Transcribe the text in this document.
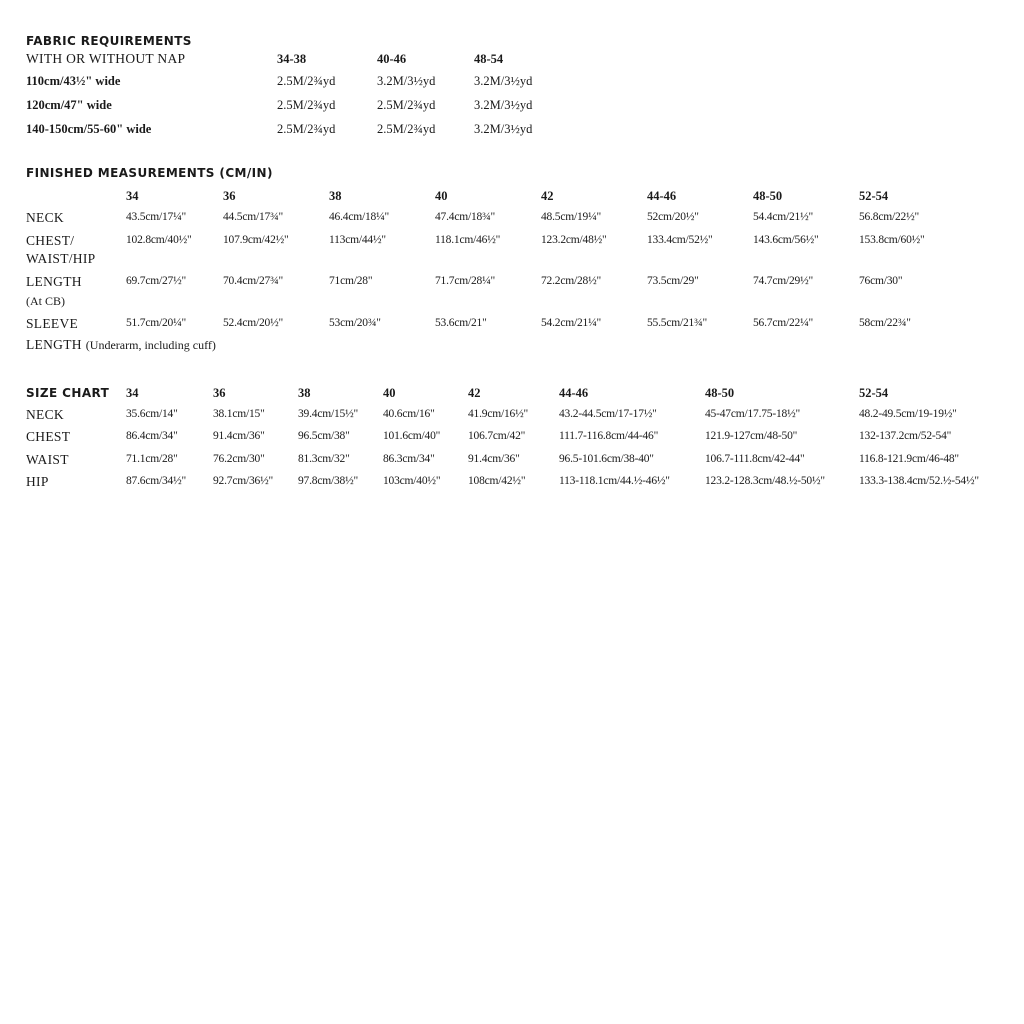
FABRIC REQUIREMENTS
WITH OR WITHOUT NAP	34-38	40-46	48-54
110cm/43½" wide	2.5M/2¾yd	3.2M/3½yd	3.2M/3½yd
120cm/47" wide	2.5M/2¾yd	2.5M/2¾yd	3.2M/3½yd
140-150cm/55-60" wide	2.5M/2¾yd	2.5M/2¾yd	3.2M/3½yd
FINISHED MEASUREMENTS (CM/IN)
34	36	38	40	42	44-46	48-50	52-54
NECK	43.5cm/17¼"	44.5cm/17¾"	46.4cm/18¼"	47.4cm/18¾"	48.5cm/19¼"	52cm/20½"	54.4cm/21½"	56.8cm/22½"
CHEST/
WAIST/HIP
102.8cm/40½"	107.9cm/42½"	113cm/44½"	118.1cm/46½"	123.2cm/48½"	133.4cm/52½"	143.6cm/56½"	153.8cm/60½"
LENGTH
(At CB)
69.7cm/27½"	70.4cm/27¾"	71cm/28"	71.7cm/28¼"	72.2cm/28½"	73.5cm/29"	74.7cm/29½"	76cm/30"
SLEEVE	51.7cm/20¼"	52.4cm/20½"	53cm/20¾"	53.6cm/21"	54.2cm/21¼"	55.5cm/21¾"	56.7cm/22¼"	58cm/22¾"
LENGTH (Underarm, including cuff)
SIZE CHART 34	36	38	40	42	44-46	48-50	52-54
NECK	35.6cm/14"	38.1cm/15"	39.4cm/15½" 40.6cm/16"	41.9cm/16½"	43.2-44.5cm/17-17½"	45-47cm/17.75-18½"	48.2-49.5cm/19-19½"
CHEST	86.4cm/34"	91.4cm/36"	96.5cm/38"	101.6cm/40" 106.7cm/42"	111.7-116.8cm/44-46"	121.9-127cm/48-50"	132-137.2cm/52-54"
WAIST	71.1cm/28"	76.2cm/30"	81.3cm/32"	86.3cm/34"	91.4cm/36"	96.5-101.6cm/38-40"	106.7-111.8cm/42-44"	116.8-121.9cm/46-48"
HIP	87.6cm/34½" 92.7cm/36½" 97.8cm/38½" 103cm/40½" 108cm/42½"	113-118.1cm/44.½-46½"	123.2-128.3cm/48.½-50½"	133.3-138.4cm/52.½-54½"
